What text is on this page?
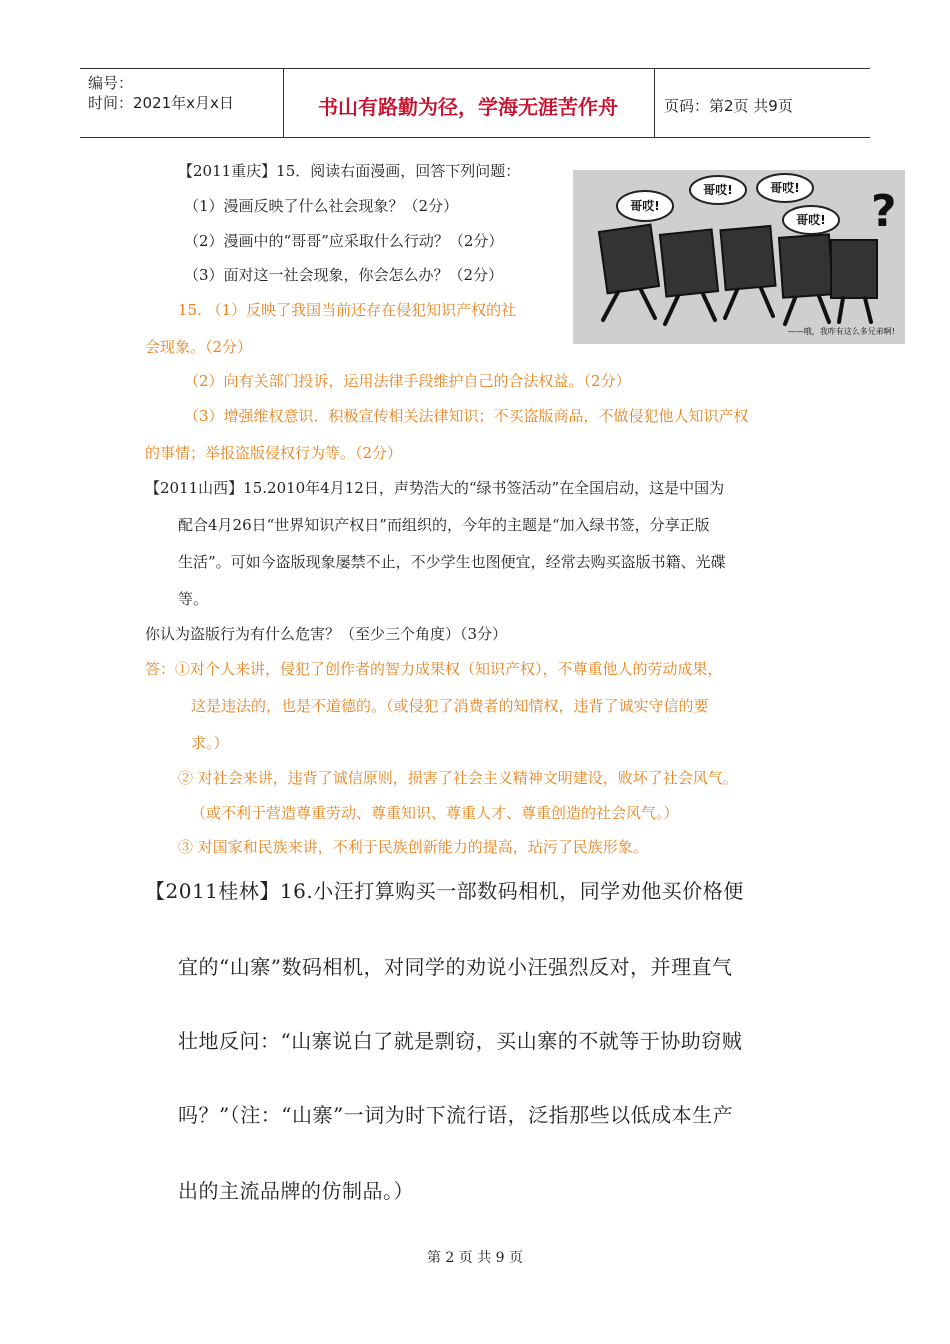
编号：
时间：2021年x月x日	书山有路勤为径，学海无涯苦作舟	页码：第2页 共9页
【2011重庆】15．阅读右面漫画，回答下列问题：
（1）漫画反映了什么社会现象？（2分）
（2）漫画中的“哥哥”应采取什么行动？（2分）
（3）面对这一社会现象，你会怎么办？（2分）
15. （1）反映了我国当前还存在侵犯知识产权的社
会现象。（2分）
（2）向有关部门投诉，运用法律手段维护自己的合法权益。（2分）
（3）增强维权意识．积极宣传相关法律知识；不买盗版商品，不做侵犯他人知识产权
的事情；举报盗版侵权行为等。（2分）
哥哎!
哥哎!	哥哎!
哥哎! ?
——哦，我咋有这么多兄弟啊!
【2011山西】15.2010年4月12日，声势浩大的“绿书签活动”在全国启动，这是中国为
配合4月26日“世界知识产权日”而组织的，今年的主题是“加入绿书签，分享正版
生活”。可如今盗版现象屡禁不止，不少学生也图便宜，经常去购买盗版书籍、光碟
等。
你认为盗版行为有什么危害？（至少三个角度）（3分）
答：①对个人来讲，侵犯了创作者的智力成果权（知识产权），不尊重他人的劳动成果，
这是违法的，也是不道德的。（或侵犯了消费者的知情权，违背了诚实守信的要
求。）
② 对社会来讲，违背了诚信原则，损害了社会主义精神文明建设，败坏了社会风气。
（或不利于营造尊重劳动、尊重知识、尊重人才、尊重创造的社会风气。）
③ 对国家和民族来讲，不利于民族创新能力的提高，玷污了民族形象。
【2011桂林】16.小汪打算购买一部数码相机，同学劝他买价格便
宜的“山寨”数码相机，对同学的劝说小汪强烈反对，并理直气
壮地反问：“山寨说白了就是剽窃，买山寨的不就等于协助窃贼
吗？”（注：“山寨”一词为时下流行语，泛指那些以低成本生产
出的主流品牌的仿制品。）
第 2 页 共 9 页
